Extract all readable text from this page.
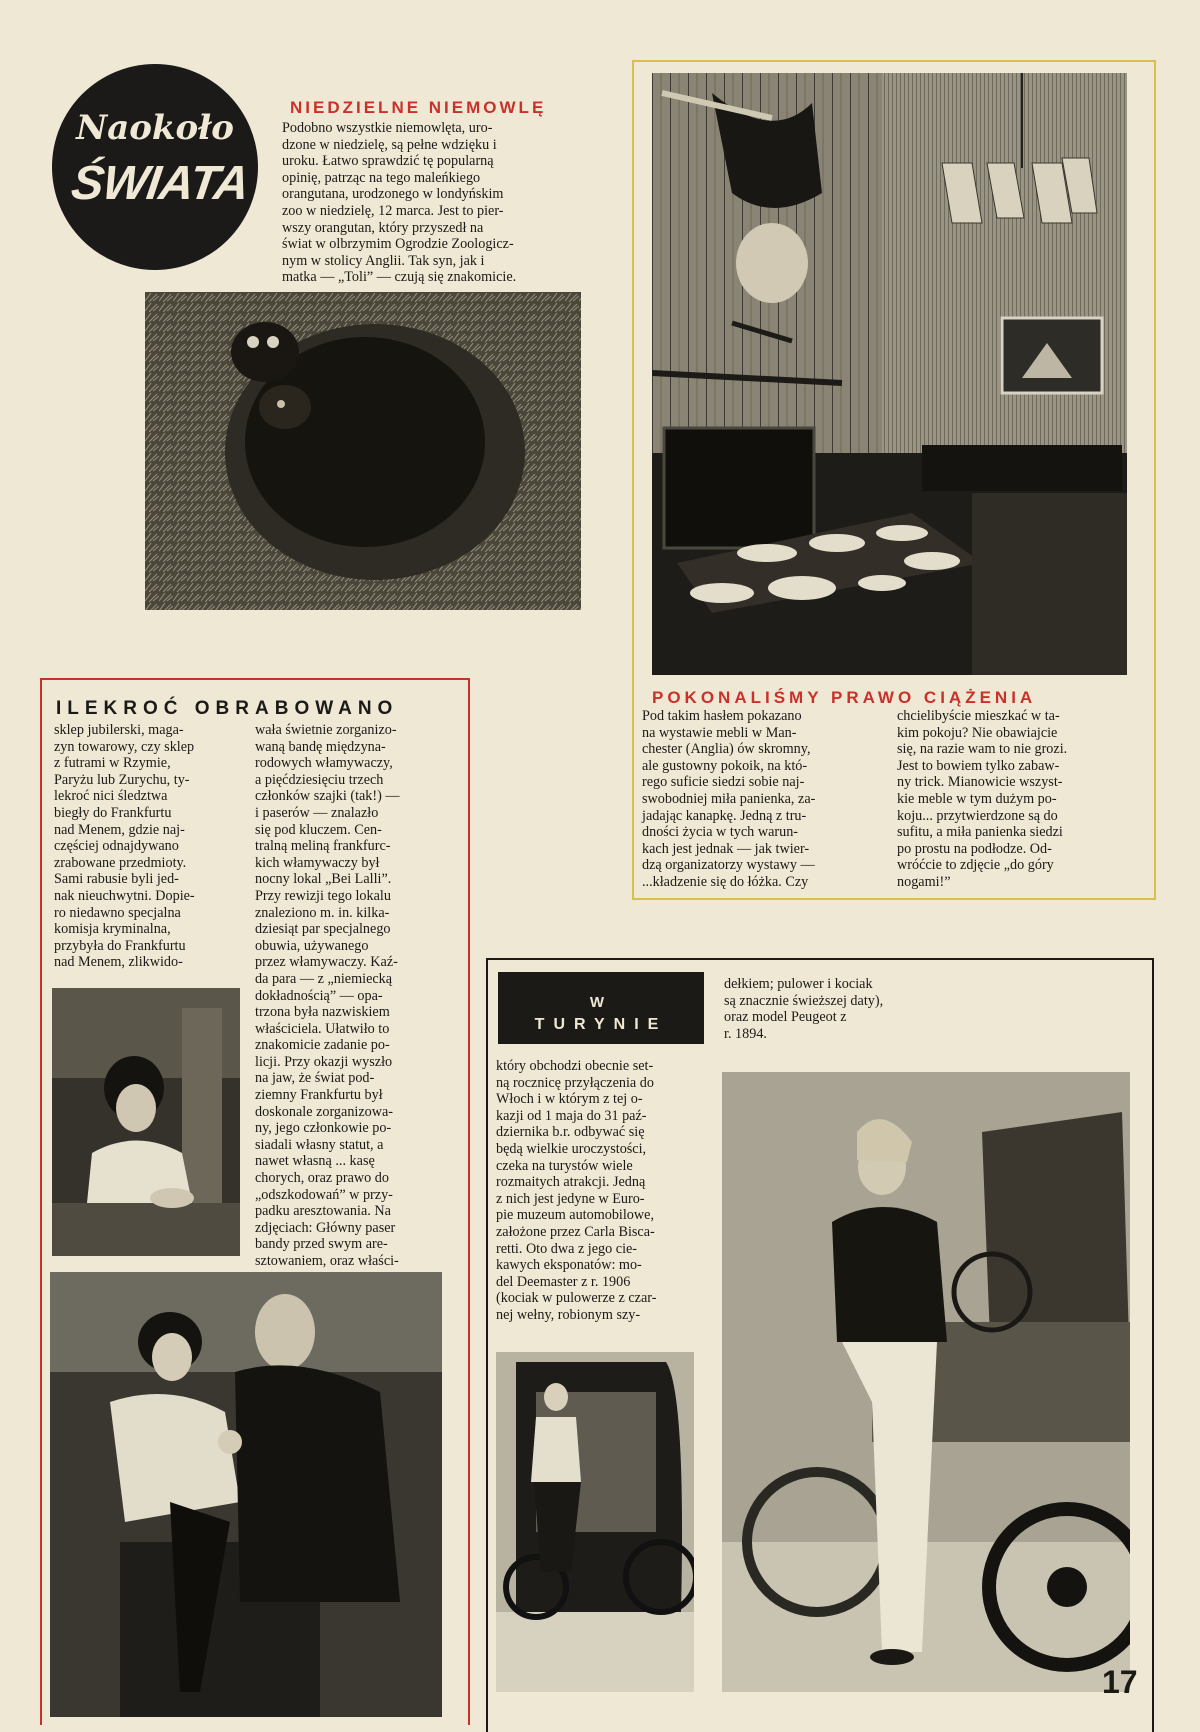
Naokoło
ŚWIATA
NIEDZIELNE NIEMOWLĘ
Podobno wszystkie niemowlęta, uro-
dzone w niedzielę, są pełne wdzięku i
uroku. Łatwo sprawdzić tę popularną
opinię, patrząc na tego maleńkiego
orangutana, urodzonego w londyńskim
zoo w niedzielę, 12 marca. Jest to pier-
wszy orangutan, który przyszedł na
świat w olbrzymim Ogrodzie Zoologicz-
nym w stolicy Anglii. Tak syn, jak i
matka — „Toli” — czują się znakomicie.
POKONALIŚMY PRAWO CIĄŻENIA
Pod takim hasłem pokazano
na wystawie mebli w Man-
chester (Anglia) ów skromny,
ale gustowny pokoik, na któ-
rego suficie siedzi sobie naj-
swobodniej miła panienka, za-
jadając kanapkę. Jedną z tru-
dności życia w tych warun-
kach jest jednak — jak twier-
dzą organizatorzy wystawy —
...kładzenie się do łóżka. Czy
chcielibyście mieszkać w ta-
kim pokoju? Nie obawiajcie
się, na razie wam to nie grozi.
Jest to bowiem tylko zabaw-
ny trick. Mianowicie wszyst-
kie meble w tym dużym po-
koju... przytwierdzone są do
sufitu, a miła panienka siedzi
po prostu na podłodze. Od-
wróćcie to zdjęcie „do góry
nogami!”
ILEKROĆ OBRABOWANO
sklep jubilerski, maga-
zyn towarowy, czy sklep
z futrami w Rzymie,
Paryżu lub Zurychu, ty-
lekroć nici śledztwa
biegły do Frankfurtu
nad Menem, gdzie naj-
częściej odnajdywano
zrabowane przedmioty.
Sami rabusie byli jed-
nak nieuchwytni. Dopie-
ro niedawno specjalna
komisja kryminalna,
przybyła do Frankfurtu
nad Menem, zlikwido-
wała świetnie zorganizo-
waną bandę międzyna-
rodowych włamywaczy,
a pięćdziesięciu trzech
członków szajki (tak!) —
i paserów — znalazło
się pod kluczem. Cen-
tralną meliną frankfurc-
kich włamywaczy był
nocny lokal „Bei Lalli”.
Przy rewizji tego lokalu
znaleziono m. in. kilka-
dziesiąt par specjalnego
obuwia, używanego
przez włamywaczy. Kaź-
da para — z „niemiecką
dokładnością” — opa-
trzona była nazwiskiem
właściciela. Ułatwiło to
znakomicie zadanie po-
licji. Przy okazji wyszło
na jaw, że świat pod-
ziemny Frankfurtu był
doskonale zorganizowa-
ny, jego członkowie po-
siadali własny statut, a
nawet własną ... kasę
chorych, oraz prawo do
„odszkodowań” w przy-
padku aresztowania. Na
zdjęciach: Główny paser
bandy przed swym are-
sztowaniem, oraz właści-
W
TURYNIE
dełkiem; pulower i kociak
są znacznie świeższej daty),
oraz model Peugeot z
r. 1894.
który obchodzi obecnie set-
ną rocznicę przyłączenia do
Włoch i w którym z tej o-
kazji od 1 maja do 31 paź-
dziernika b.r. odbywać się
będą wielkie uroczystości,
czeka na turystów wiele
rozmaitych atrakcji. Jedną
z nich jest jedyne w Euro-
pie muzeum automobilowe,
założone przez Carla Bisca-
retti. Oto dwa z jego cie-
kawych eksponatów: mo-
del Deemaster z r. 1906
(kociak w pulowerze z czar-
nej wełny, robionym szy-
17
